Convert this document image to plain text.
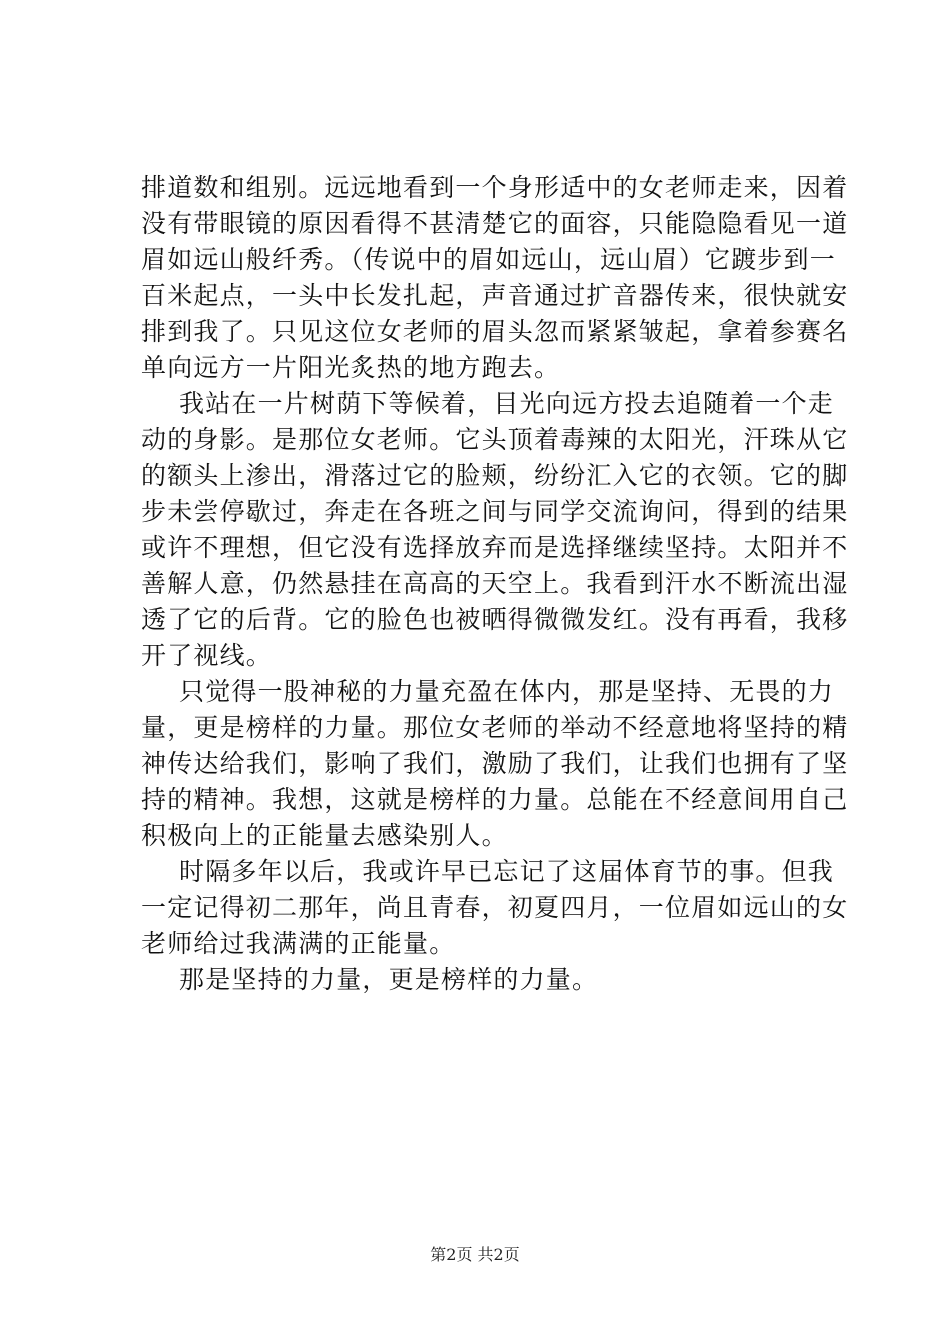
排道数和组别。远远地看到一个身形适中的女老师走来，因着
没有带眼镜的原因看得不甚清楚它的面容，只能隐隐看见一道
眉如远山般纤秀。（传说中的眉如远山，远山眉）它踱步到一
百米起点，一头中长发扎起，声音通过扩音器传来，很快就安
排到我了。只见这位女老师的眉头忽而紧紧皱起，拿着参赛名
单向远方一片阳光炙热的地方跑去。
我站在一片树荫下等候着，目光向远方投去追随着一个走
动的身影。是那位女老师。它头顶着毒辣的太阳光，汗珠从它
的额头上渗出，滑落过它的脸颊，纷纷汇入它的衣领。它的脚
步未尝停歇过，奔走在各班之间与同学交流询问，得到的结果
或许不理想，但它没有选择放弃而是选择继续坚持。太阳并不
善解人意，仍然悬挂在高高的天空上。我看到汗水不断流出湿
透了它的后背。它的脸色也被晒得微微发红。没有再看，我移
开了视线。
只觉得一股神秘的力量充盈在体内，那是坚持、无畏的力
量，更是榜样的力量。那位女老师的举动不经意地将坚持的精
神传达给我们，影响了我们，激励了我们，让我们也拥有了坚
持的精神。我想，这就是榜样的力量。总能在不经意间用自己
积极向上的正能量去感染别人。
时隔多年以后，我或许早已忘记了这届体育节的事。但我
一定记得初二那年，尚且青春，初夏四月，一位眉如远山的女
老师给过我满满的正能量。
那是坚持的力量，更是榜样的力量。
第2页 共2页
